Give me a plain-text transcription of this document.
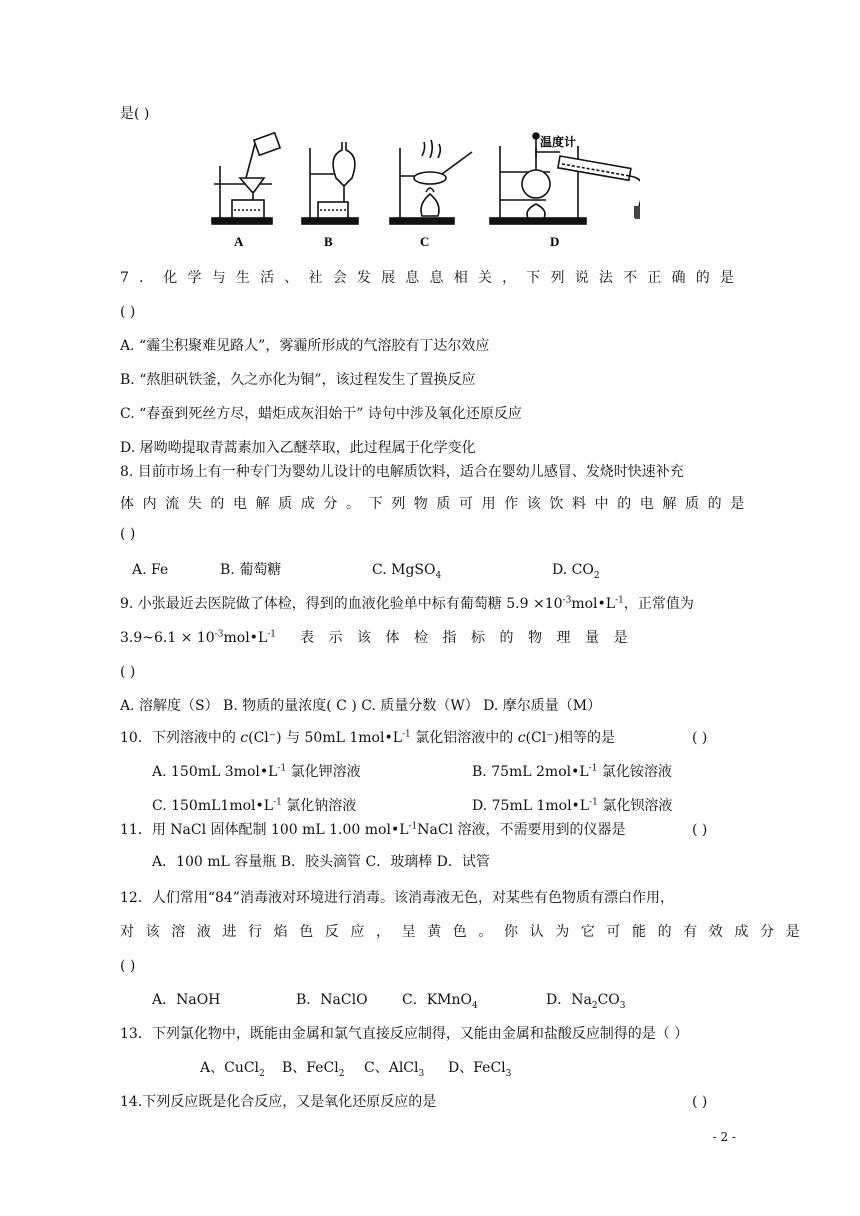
是( )
A	B	C	D
温度计
7．化学与生活、社会发展息息相关，下列说法不正确的是
( )
A. “霾尘积聚难见路人”，雾霾所形成的气溶胶有丁达尔效应
B. “熬胆矾铁釜，久之亦化为铜”，该过程发生了置换反应
C. “春蚕到死丝方尽，蜡炬成灰泪始干” 诗句中涉及氧化还原反应
D. 屠呦呦提取青蒿素加入乙醚萃取，此过程属于化学变化
8. 目前市场上有一种专门为婴幼儿设计的电解质饮料，适合在婴幼儿感冒、发烧时快速补充
体内流失的电解质成分。下列物质可用作该饮料中的电解质的是
( )
A. Fe	B. 葡萄糖	C. MgSO$_4$	D. $CO_2$
9. 小张最近去医院做了体检，得到的血液化验单中标有葡萄糖 $5.9 \times 10^{-3}mol•L^{-1}$，正常值为
3.9~6.1 × $10^{-3}mol•L^{-1}$ 表示该体检指标的物理量是
( )
A. 溶解度（S） B. 物质的量浓度( C ) C. 质量分数（W） D. 摩尔质量（M）
10．下列溶液中的 c(Cl⁻) 与 50mL $1mol•L^{-1}$ 氯化铝溶液中的 c(Cl⁻)相等的是	( )
A. 150mL $3mol•L^{-1}$ 氯化钾溶液	B. 75mL $2mol•L^{-1}$ 氯化铵溶液
C. $150mL1mol•L^{-1}$ 氯化钠溶液	D. 75mL $1mol•L^{-1}$ 氯化钡溶液
11．用 NaCl 固体配制 100 mL 1.00 $mol•L^{-1}NaCl$ 溶液，不需要用到的仪器是	( )
A．100 mL 容量瓶 B．胶头滴管 C．玻璃棒 D．试管
12．人们常用“84”消毒液对环境进行消毒。该消毒液无色，对某些有色物质有漂白作用，
对该溶液进行焰色反应，呈黄色。你认为它可能的有效成分是
( )
A．NaOH	B．NaClO C．KMnO$_4$	D．$Na_2CO_3$
13．下列氯化物中，既能由金属和氯气直接反应制得，又能由金属和盐酸反应制得的是（ ）
A、CuCl$_2$ B、FeCl$_2$ C、AlCl$_3$ D、FeCl$_3$
14.下列反应既是化合反应，又是氧化还原反应的是	( )
- 2 -
